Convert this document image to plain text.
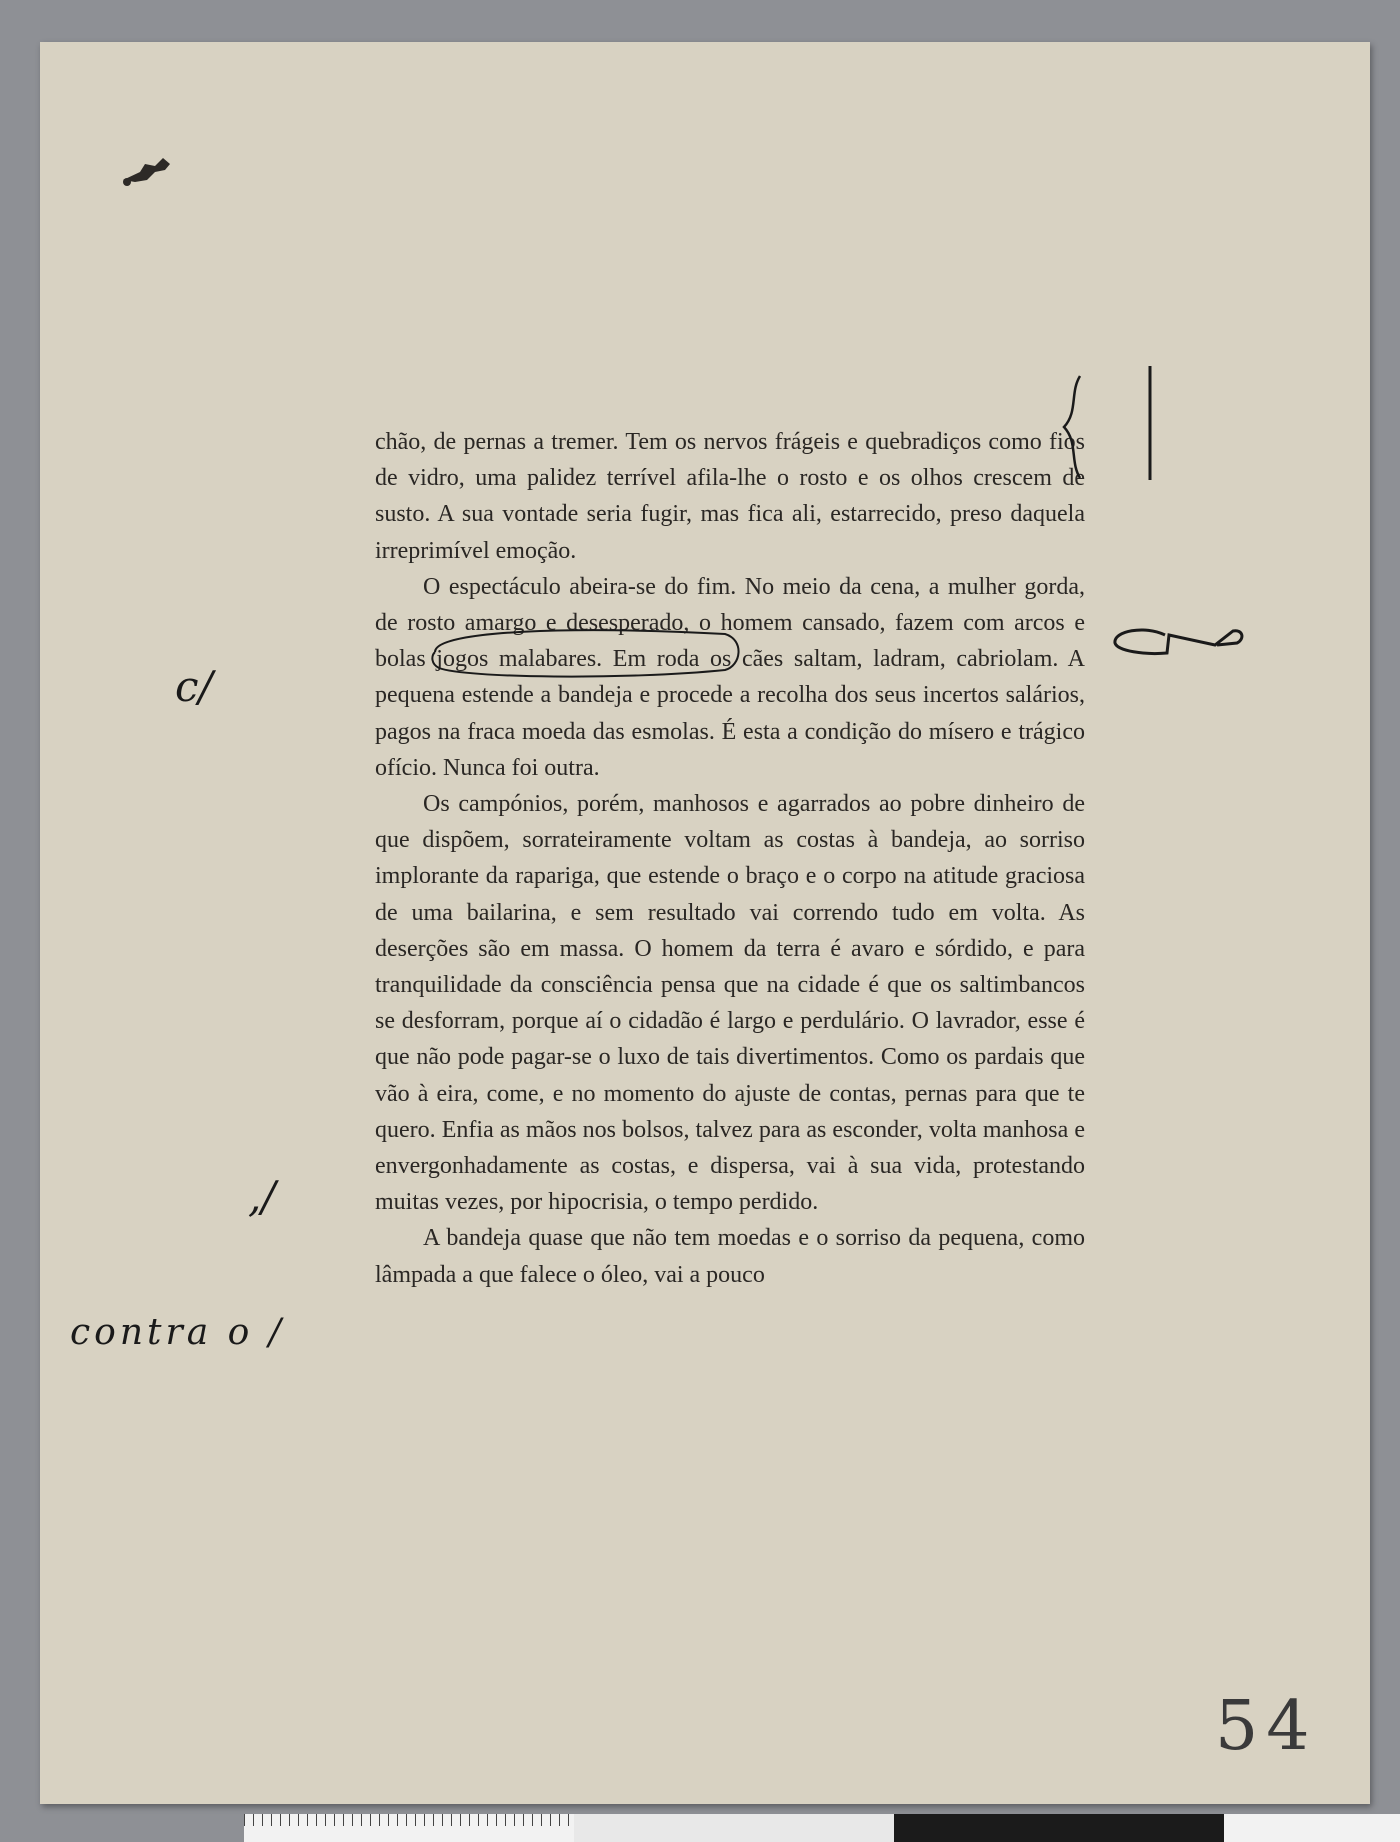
chão, de pernas a tremer. Tem os nervos frágeis e quebradiços como fios de vidro, uma palidez terrível afila-lhe o rosto e os olhos crescem de susto. A sua vontade seria fugir, mas fica ali, estarrecido, preso daquela irreprimível emoção.

O espectáculo abeira-se do fim. No meio da cena, a mulher gorda, de rosto amargo e desesperado, o homem cansado, fazem com arcos e bolas jogos malabares. Em roda os cães saltam, ladram, cabriolam. A pequena estende a bandeja e procede a recolha dos seus incertos salários, pagos na fraca moeda das esmolas. É esta a condição do mísero e trágico ofício. Nunca foi outra.

Os campónios, porém, manhosos e agarrados ao pobre dinheiro de que dispõem, sorrateiramente voltam as costas à bandeja, ao sorriso implorante da rapariga, que estende o braço e o corpo na atitude graciosa de uma bailarina, e sem resultado vai correndo tudo em volta. As deserções são em massa. O homem da terra é avaro e sórdido, e para tranquilidade da consciência pensa que na cidade é que os saltimbancos se desforram, porque aí o cidadão é largo e perdulário. O lavrador, esse é que não pode pagar-se o luxo de tais divertimentos. Como os pardais que vão à eira, come, e no momento do ajuste de contas, pernas para que te quero. Enfia as mãos nos bolsos, talvez para as esconder, volta manhosa e envergonhadamente as costas, e dispersa, vai à sua vida, protestando muitas vezes, por hipocrisia, o tempo perdido.

A bandeja quase que não tem moedas e o sorriso da pequena, como lâmpada a que falece o óleo, vai a pouco

c/
,/
contra o /
54
